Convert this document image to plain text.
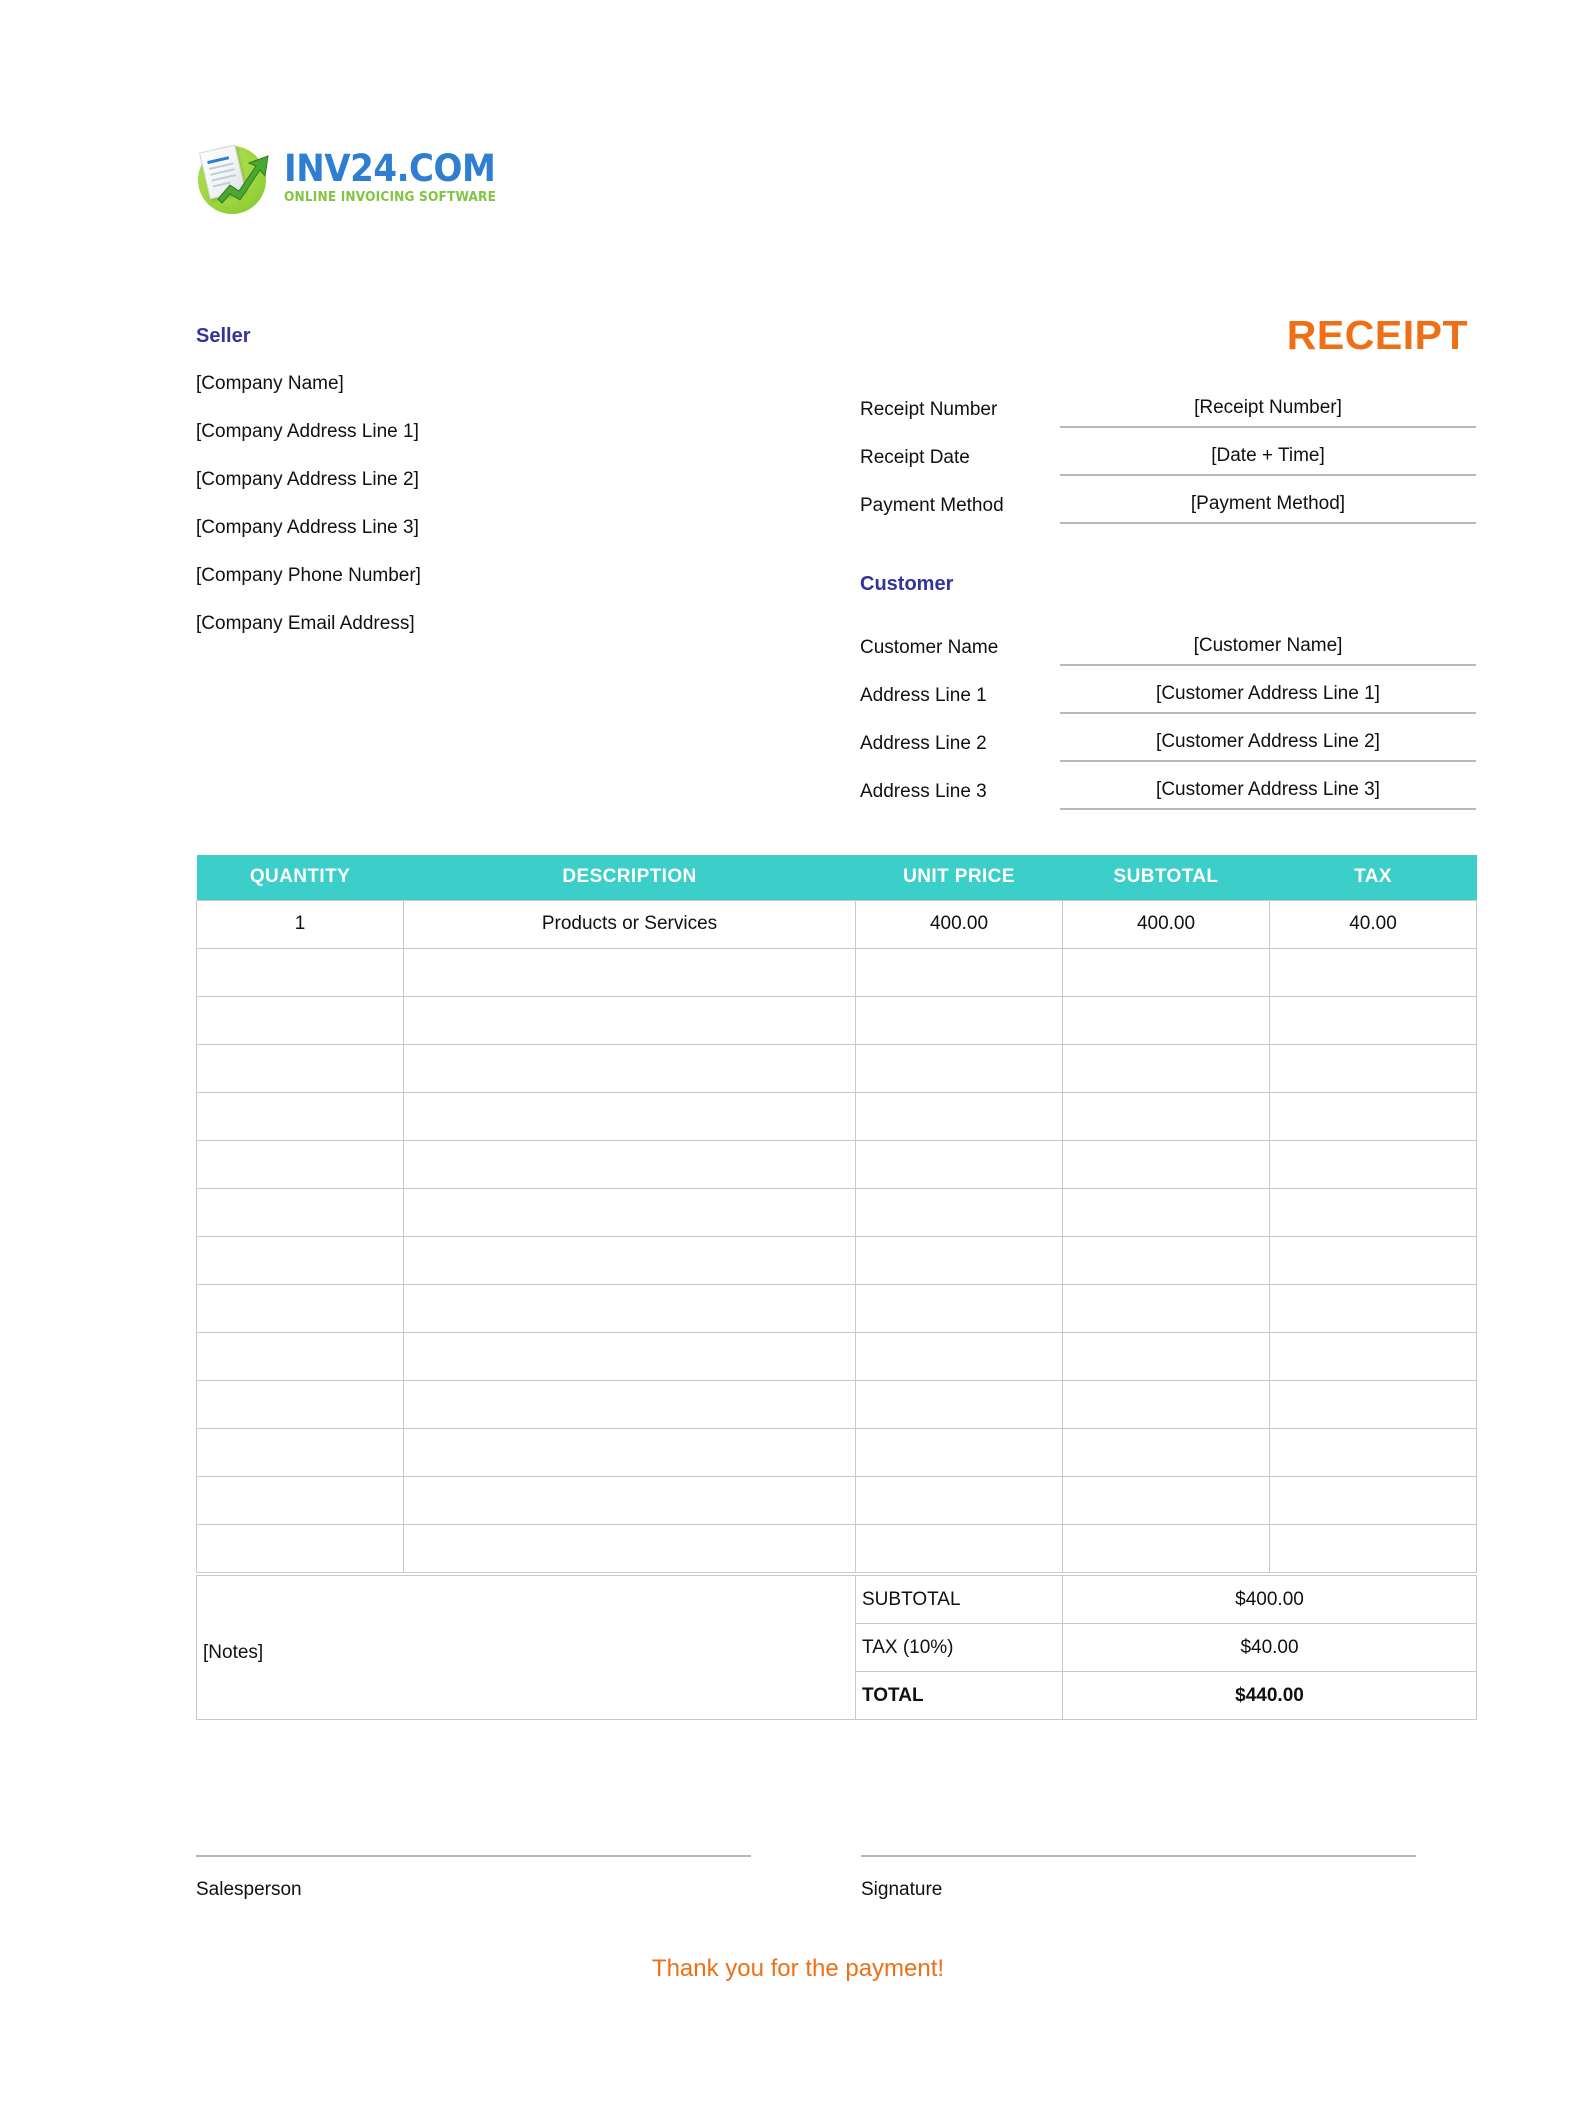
INV24.COM
ONLINE INVOICING SOFTWARE
RECEIPT
Seller
[Company Name]
[Company Address Line 1]
[Company Address Line 2]
[Company Address Line 3]
[Company Phone Number]
[Company Email Address]
Receipt Number	[Receipt Number]
Receipt Date	[Date + Time]
Payment Method	[Payment Method]
Customer
Customer Name	[Customer Name]
Address Line 1	[Customer Address Line 1]
Address Line 2	[Customer Address Line 2]
Address Line 3	[Customer Address Line 3]
QUANTITY	DESCRIPTION	UNIT PRICE	SUBTOTAL	TAX
1	Products or Services	400.00	400.00	40.00

[Notes]	SUBTOTAL	$400.00
	TAX (10%)	$40.00
	TOTAL	$440.00
Salesperson	Signature
Thank you for the payment!
